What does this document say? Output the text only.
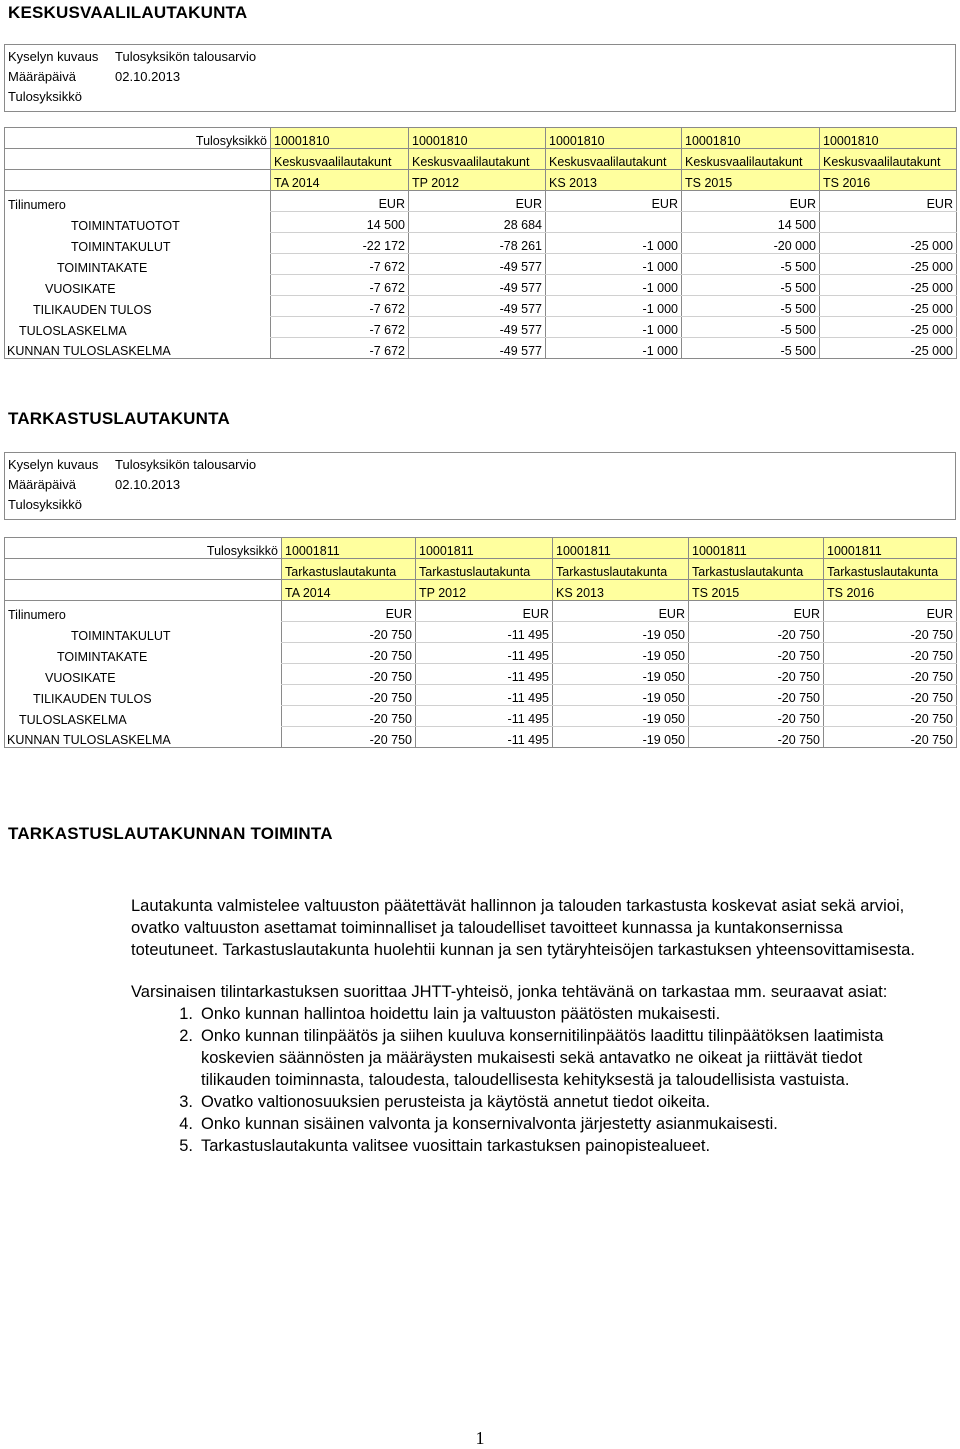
KESKUSVAALILAUTAKUNTA
Kyselyn kuvaus	Tulosyksikön talousarvio
Määräpäivä	02.10.2013
Tulosyksikkö
Tulosyksikkö	10001810	10001810	10001810	10001810	10001810
	Keskusvaalilautakunt	Keskusvaalilautakunt	Keskusvaalilautakunt	Keskusvaalilautakunt	Keskusvaalilautakunt
	TA 2014	TP 2012	KS 2013	TS 2015	TS 2016
Tilinumero	EUR	EUR	EUR	EUR	EUR
TOIMINTATUOTOT	14 500	28 684		14 500	
TOIMINTAKULUT	-22 172	-78 261	-1 000	-20 000	-25 000
TOIMINTAKATE	-7 672	-49 577	-1 000	-5 500	-25 000
VUOSIKATE	-7 672	-49 577	-1 000	-5 500	-25 000
TILIKAUDEN TULOS	-7 672	-49 577	-1 000	-5 500	-25 000
TULOSLASKELMA	-7 672	-49 577	-1 000	-5 500	-25 000
KUNNAN TULOSLASKELMA	-7 672	-49 577	-1 000	-5 500	-25 000
TARKASTUSLAUTAKUNTA
Kyselyn kuvaus	Tulosyksikön talousarvio
Määräpäivä	02.10.2013
Tulosyksikkö
Tulosyksikkö	10001811	10001811	10001811	10001811	10001811
	Tarkastuslautakunta	Tarkastuslautakunta	Tarkastuslautakunta	Tarkastuslautakunta	Tarkastuslautakunta
	TA 2014	TP 2012	KS 2013	TS 2015	TS 2016
Tilinumero	EUR	EUR	EUR	EUR	EUR
TOIMINTAKULUT	-20 750	-11 495	-19 050	-20 750	-20 750
TOIMINTAKATE	-20 750	-11 495	-19 050	-20 750	-20 750
VUOSIKATE	-20 750	-11 495	-19 050	-20 750	-20 750
TILIKAUDEN TULOS	-20 750	-11 495	-19 050	-20 750	-20 750
TULOSLASKELMA	-20 750	-11 495	-19 050	-20 750	-20 750
KUNNAN TULOSLASKELMA	-20 750	-11 495	-19 050	-20 750	-20 750
TARKASTUSLAUTAKUNNAN TOIMINTA

Lautakunta valmistelee valtuuston päätettävät hallinnon ja talouden tarkastusta koskevat asiat sekä arvioi, ovatko valtuuston asettamat toiminnalliset ja taloudelliset tavoitteet kunnassa ja kuntakonsernissa toteutuneet. Tarkastuslautakunta huolehtii kunnan ja sen tytäryhteisöjen tarkastuksen yhteensovittamisesta.

Varsinaisen tilintarkastuksen suorittaa JHTT-yhteisö, jonka tehtävänä on tarkastaa mm. seuraavat asiat:

1. Onko kunnan hallintoa hoidettu lain ja valtuuston päätösten mukaisesti.
2. Onko kunnan tilinpäätös ja siihen kuuluva konsernitilinpäätös laadittu tilinpäätöksen laatimista koskevien säännösten ja määräysten mukaisesti sekä antavatko ne oikeat ja riittävät tiedot tilikauden toiminnasta, taloudesta, taloudellisesta kehityksestä ja taloudellisista vastuista.
3. Ovatko valtionosuuksien perusteista ja käytöstä annetut tiedot oikeita.
4. Onko kunnan sisäinen valvonta ja konsernivalvonta järjestetty asianmukaisesti.
5. Tarkastuslautakunta valitsee vuosittain tarkastuksen painopistealueet.
1
